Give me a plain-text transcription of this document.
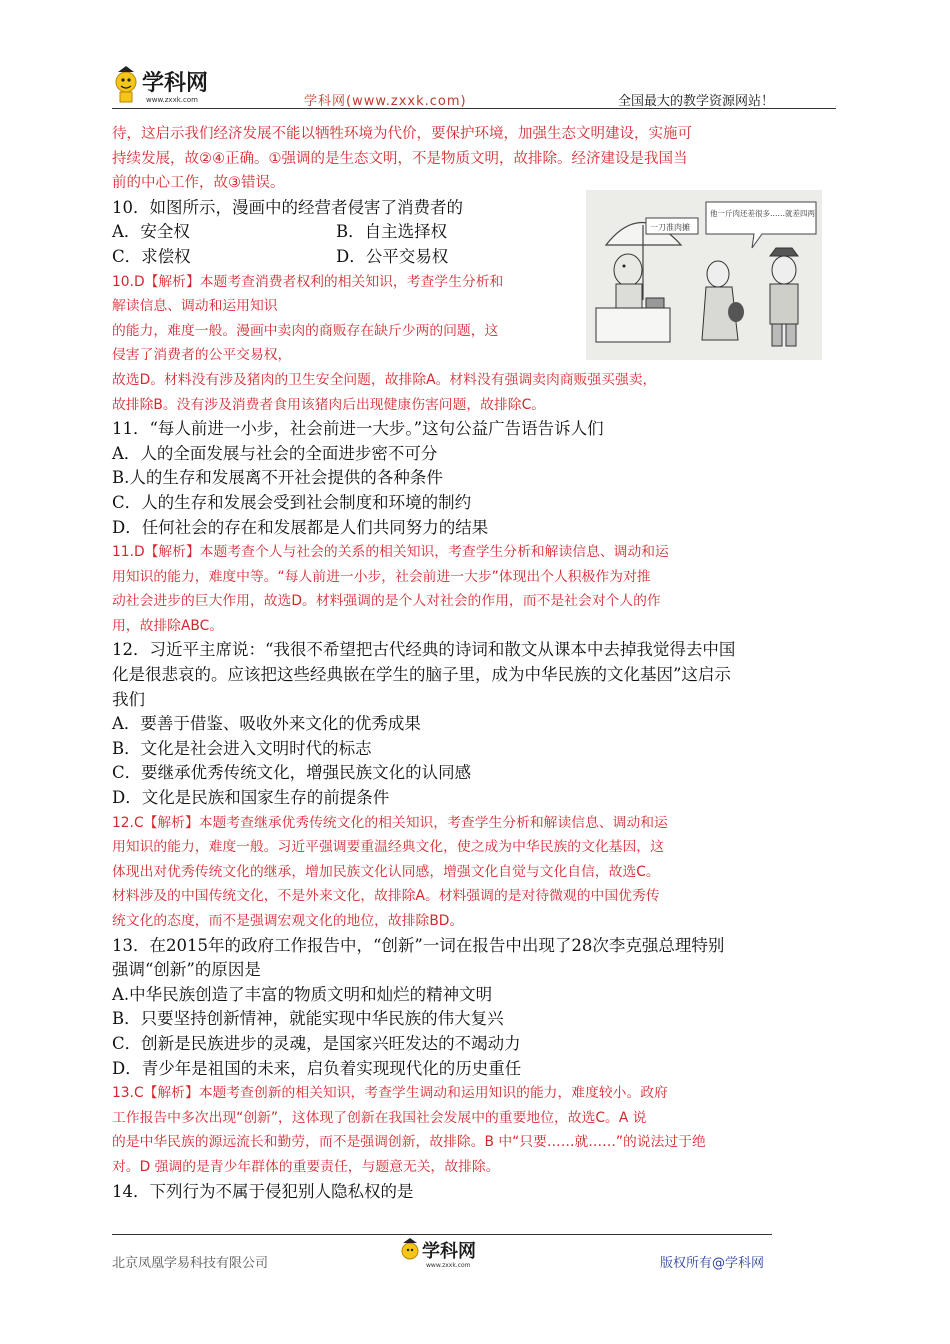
学科网
www.zxxk.com	学科网(www.zxxk.com)	全国最大的教学资源网站！
一刀准肉摊
他一斤肉还差很多……就差四两
待，这启示我们经济发展不能以牺牲环境为代价，要保护环境，加强生态文明建设，实施可
持续发展，故②④正确。①强调的是生态文明，不是物质文明，故排除。经济建设是我国当
前的中心工作，故③错误。
10．如图所示，漫画中的经营者侵害了消费者的
A．安全权	B．自主选择权
C．求偿权	D．公平交易权
10.D【解析】本题考查消费者权利的相关知识，考查学生分析和
解读信息、调动和运用知识
的能力，难度一般。漫画中卖肉的商贩存在缺斤少两的问题，这
侵害了消费者的公平交易权，
故选D。材料没有涉及猪肉的卫生安全问题，故排除A。材料没有强调卖肉商贩强买强卖，
故排除B。没有涉及消费者食用该猪肉后出现健康伤害问题，故排除C。
11．“每人前进一小步，社会前进一大步。”这句公益广告语告诉人们
A．人的全面发展与社会的全面进步密不可分
B.人的生存和发展离不开社会提供的各种条件
C．人的生存和发展会受到社会制度和环境的制约
D．任何社会的存在和发展都是人们共同努力的结果
11.D【解析】本题考查个人与社会的关系的相关知识，考查学生分析和解读信息、调动和运
用知识的能力，难度中等。“每人前进一小步，社会前进一大步”体现出个人积极作为对推
动社会进步的巨大作用，故选D。材料强调的是个人对社会的作用，而不是社会对个人的作
用，故排除ABC。
12．习近平主席说：“我很不希望把古代经典的诗词和散文从课本中去掉我觉得去中国
化是很悲哀的。应该把这些经典嵌在学生的脑子里，成为中华民族的文化基因”这启示
我们
A．要善于借鉴、吸收外来文化的优秀成果
B．文化是社会进入文明时代的标志
C．要继承优秀传统文化，增强民族文化的认同感
D．文化是民族和国家生存的前提条件
12.C【解析】本题考查继承优秀传统文化的相关知识，考查学生分析和解读信息、调动和运
用知识的能力，难度一般。习近平强调要重温经典文化，使之成为中华民族的文化基因，这
体现出对优秀传统文化的继承，增加民族文化认同感，增强文化自觉与文化自信，故选C。
材料涉及的中国传统文化，不是外来文化，故排除A。材料强调的是对待微观的中国优秀传
统文化的态度，而不是强调宏观文化的地位，故排除BD。
13．在2015年的政府工作报告中，“创新”一词在报告中出现了28次李克强总理特别
强调“创新”的原因是
A.中华民族创造了丰富的物质文明和灿烂的精神文明
B．只要坚持创新情神，就能实现中华民族的伟大复兴
C．创新是民族进步的灵魂，是国家兴旺发达的不竭动力
D．青少年是祖国的未来，启负着实现现代化的历史重任
13.C【解析】本题考查创新的相关知识，考查学生调动和运用知识的能力，难度较小。政府
工作报告中多次出现“创新”，这体现了创新在我国社会发展中的重要地位，故选C。A 说
的是中华民族的源远流长和勤劳，而不是强调创新，故排除。B 中“只要……就……”的说法过于绝
对。D 强调的是青少年群体的重要责任，与题意无关，故排除。
14．下列行为不属于侵犯别人隐私权的是
北京凤凰学易科技有限公司
学科网
www.zxxk.com	版权所有@学科网
